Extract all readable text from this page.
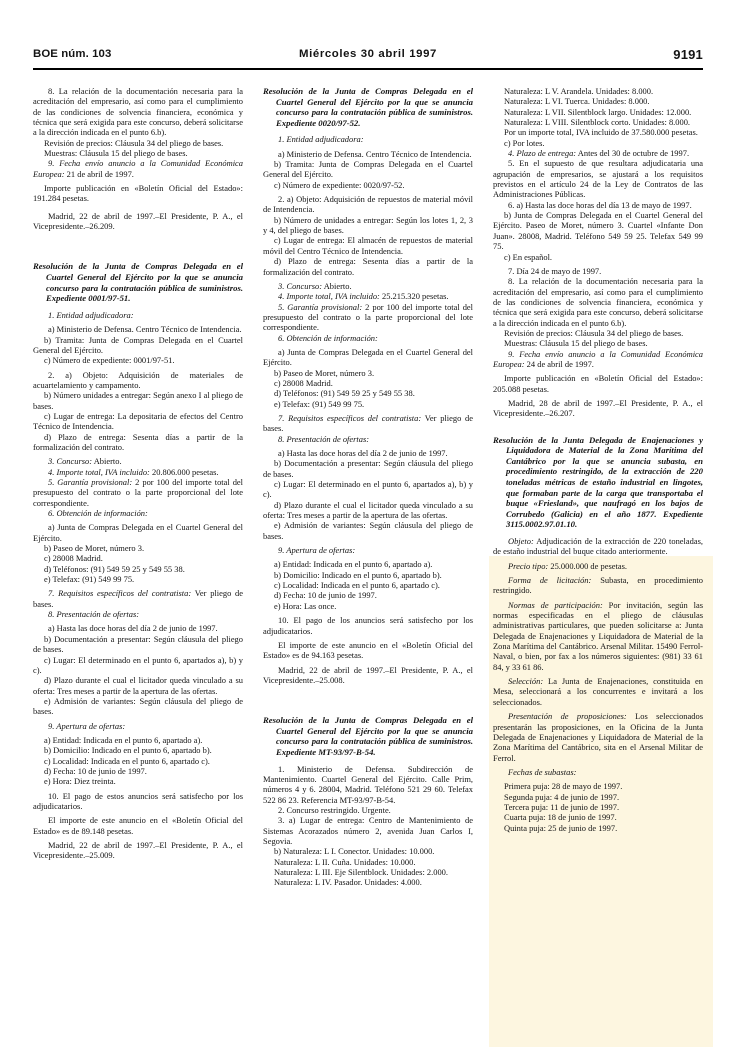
BOE núm. 103	Miércoles 30 abril 1997	9191

8. La relación de la documentación necesaria para la acreditación del empresario, así como para el cumplimiento de las condiciones de solvencia financiera, económica y técnica que será exigida para este concurso, deberá solicitarse a la dirección indicada en el punto 6.b).

Revisión de precios: Cláusula 34 del pliego de bases.

Muestras: Cláusula 15 del pliego de bases.

9. Fecha envío anuncio a la Comunidad Económica Europea: 21 de abril de 1997.

Importe publicación en «Boletín Oficial del Estado»: 191.284 pesetas.

Madrid, 22 de abril de 1997.–El Presidente, P. A., el Vicepresidente.–26.209.

Resolución de la Junta de Compras Delegada en el Cuartel General del Ejército por la que se anuncia concurso para la contratación pública de suministros. Expediente 0001/97-51.

1. Entidad adjudicadora:

a) Ministerio de Defensa. Centro Técnico de Intendencia.

b) Tramita: Junta de Compras Delegada en el Cuartel General del Ejército.

c) Número de expediente: 0001/97-51.

2. a) Objeto: Adquisición de materiales de acuartelamiento y campamento.

b) Número unidades a entregar: Según anexo I al pliego de bases.

c) Lugar de entrega: La depositaria de efectos del Centro Técnico de Intendencia.

d) Plazo de entrega: Sesenta días a partir de la formalización del contrato.

3. Concurso: Abierto.

4. Importe total, IVA incluido: 20.806.000 pesetas.

5. Garantía provisional: 2 por 100 del importe total del presupuesto del contrato o la parte proporcional del lote correspondiente.

6. Obtención de información:

a) Junta de Compras Delegada en el Cuartel General del Ejército.

b) Paseo de Moret, número 3.

c) 28008 Madrid.

d) Teléfonos: (91) 549 59 25 y 549 55 38.

e) Telefax: (91) 549 99 75.

7. Requisitos específicos del contratista: Ver pliego de bases.

8. Presentación de ofertas:

a) Hasta las doce horas del día 2 de junio de 1997.

b) Documentación a presentar: Según cláusula del pliego de bases.

c) Lugar: El determinado en el punto 6, apartados a), b) y c).

d) Plazo durante el cual el licitador queda vinculado a su oferta: Tres meses a partir de la apertura de las ofertas.

e) Admisión de variantes: Según cláusula del pliego de bases.

9. Apertura de ofertas:

a) Entidad: Indicada en el punto 6, apartado a).

b) Domicilio: Indicado en el punto 6, apartado b).

c) Localidad: Indicada en el punto 6, apartado c).

d) Fecha: 10 de junio de 1997.

e) Hora: Diez treinta.

10. El pago de estos anuncios será satisfecho por los adjudicatarios.

El importe de este anuncio en el «Boletín Oficial del Estado» es de 89.148 pesetas.

Madrid, 22 de abril de 1997.–El Presidente, P. A., el Vicepresidente.–25.009.

Resolución de la Junta de Compras Delegada en el Cuartel General del Ejército por la que se anuncia concurso para la contratación pública de suministros. Expediente 0020/97-52.

1. Entidad adjudicadora:

a) Ministerio de Defensa. Centro Técnico de Intendencia.

b) Tramita: Junta de Compras Delegada en el Cuartel General del Ejército.

c) Número de expediente: 0020/97-52.

2. a) Objeto: Adquisición de repuestos de material móvil de Intendencia.

b) Número de unidades a entregar: Según los lotes 1, 2, 3 y 4, del pliego de bases.

c) Lugar de entrega: El almacén de repuestos de material móvil del Centro Técnico de Intendencia.

d) Plazo de entrega: Sesenta días a partir de la formalización del contrato.

3. Concurso: Abierto.

4. Importe total, IVA incluido: 25.215.320 pesetas.

5. Garantía provisional: 2 por 100 del importe total del presupuesto del contrato o la parte proporcional del lote correspondiente.

6. Obtención de información:

a) Junta de Compras Delegada en el Cuartel General del Ejército.

b) Paseo de Moret, número 3.

c) 28008 Madrid.

d) Teléfonos: (91) 549 59 25 y 549 55 38.

e) Telefax: (91) 549 99 75.

7. Requisitos específicos del contratista: Ver pliego de bases.

8. Presentación de ofertas:

a) Hasta las doce horas del día 2 de junio de 1997.

b) Documentación a presentar: Según cláusula del pliego de bases.

c) Lugar: El determinado en el punto 6, apartados a), b) y c).

d) Plazo durante el cual el licitador queda vinculado a su oferta: Tres meses a partir de la apertura de las ofertas.

e) Admisión de variantes: Según cláusula del pliego de bases.

9. Apertura de ofertas:

a) Entidad: Indicada en el punto 6, apartado a).

b) Domicilio: Indicado en el punto 6, apartado b).

c) Localidad: Indicada en el punto 6, apartado c).

d) Fecha: 10 de junio de 1997.

e) Hora: Las once.

10. El pago de los anuncios será satisfecho por los adjudicatarios.

El importe de este anuncio en el «Boletín Oficial del Estado» es de 94.163 pesetas.

Madrid, 22 de abril de 1997.–El Presidente, P. A., el Vicepresidente.–25.008.

Resolución de la Junta de Compras Delegada en el Cuartel General del Ejército por la que se anuncia concurso para la contratación pública de suministros. Expediente MT-93/97-B-54.

1. Ministerio de Defensa. Subdirección de Mantenimiento. Cuartel General del Ejército. Calle Prim, números 4 y 6. 28004, Madrid. Teléfono 521 29 60. Telefax 522 86 23. Referencia MT-93/97-B-54.

2. Concurso restringido. Urgente.

3. a) Lugar de entrega: Centro de Mantenimiento de Sistemas Acorazados número 2, avenida Juan Carlos I, Segovia.

b) Naturaleza: L I. Conector. Unidades: 10.000.

Naturaleza: L II. Cuña. Unidades: 10.000.

Naturaleza: L III. Eje Silentblock. Unidades: 2.000.

Naturaleza: L IV. Pasador. Unidades: 4.000.

Naturaleza: L V. Arandela. Unidades: 8.000.

Naturaleza: L VI. Tuerca. Unidades: 8.000.

Naturaleza: L VII. Silentblock largo. Unidades: 12.000.

Naturaleza: L VIII. Silentblock corto. Unidades: 8.000.

Por un importe total, IVA incluido de 37.580.000 pesetas.

c) Por lotes.

4. Plazo de entrega: Antes del 30 de octubre de 1997.

5. En el supuesto de que resultara adjudicataria una agrupación de empresarios, se ajustará a los requisitos previstos en el artículo 24 de la Ley de Contratos de las Administraciones Públicas.

6. a) Hasta las doce horas del día 13 de mayo de 1997.

b) Junta de Compras Delegada en el Cuartel General del Ejército. Paseo de Moret, número 3. Cuartel «Infante Don Juan». 28008, Madrid. Teléfono 549 59 25. Telefax 549 99 75.

c) En español.

7. Día 24 de mayo de 1997.

8. La relación de la documentación necesaria para la acreditación del empresario, así como para el cumplimiento de las condiciones de solvencia financiera, económica y técnica que será exigida para este concurso, deberá solicitarse a la dirección indicada en el punto 6.b).

Revisión de precios: Cláusula 34 del pliego de bases.

Muestras: Cláusula 15 del pliego de bases.

9. Fecha envío anuncio a la Comunidad Económica Europea: 24 de abril de 1997.

Importe publicación en «Boletín Oficial del Estado»: 205.088 pesetas.

Madrid, 28 de abril de 1997.–El Presidente, P. A., el Vicepresidente.–26.207.

Resolución de la Junta Delegada de Enajenaciones y Liquidadora de Material de la Zona Marítima del Cantábrico por la que se anuncia subasta, en procedimiento restringido, de la extracción de 220 toneladas métricas de estaño industrial en lingotes, que formaban parte de la carga que transportaba el buque «Friesland», que naufragó en los bajos de Corrubedo (Galicia) en el año 1877. Expediente 3115.0002.97.01.10.

Objeto: Adjudicación de la extracción de 220 toneladas, de estaño industrial del buque citado anteriormente.

Precio tipo: 25.000.000 de pesetas.

Forma de licitación: Subasta, en procedimiento restringido.

Normas de participación: Por invitación, según las normas especificadas en el pliego de cláusulas administrativas particulares, que pueden solicitarse a: Junta Delegada de Enajenaciones y Liquidadora de Material de la Zona Marítima del Cantábrico. Arsenal Militar. 15490 Ferrol-Naval, o bien, por fax a los números siguientes: (981) 33 61 84, y 33 61 86.

Selección: La Junta de Enajenaciones, constituida en Mesa, seleccionará a los concurrentes e invitará a los seleccionados.

Presentación de proposiciones: Los seleccionados presentarán las proposiciones, en la Oficina de la Junta Delegada de Enajenaciones y Liquidadora de Material de la Zona Marítima del Cantábrico, sita en el Arsenal Militar de Ferrol.

Fechas de subastas:

Primera puja: 28 de mayo de 1997.

Segunda puja: 4 de junio de 1997.

Tercera puja: 11 de junio de 1997.

Cuarta puja: 18 de junio de 1997.

Quinta puja: 25 de junio de 1997.
